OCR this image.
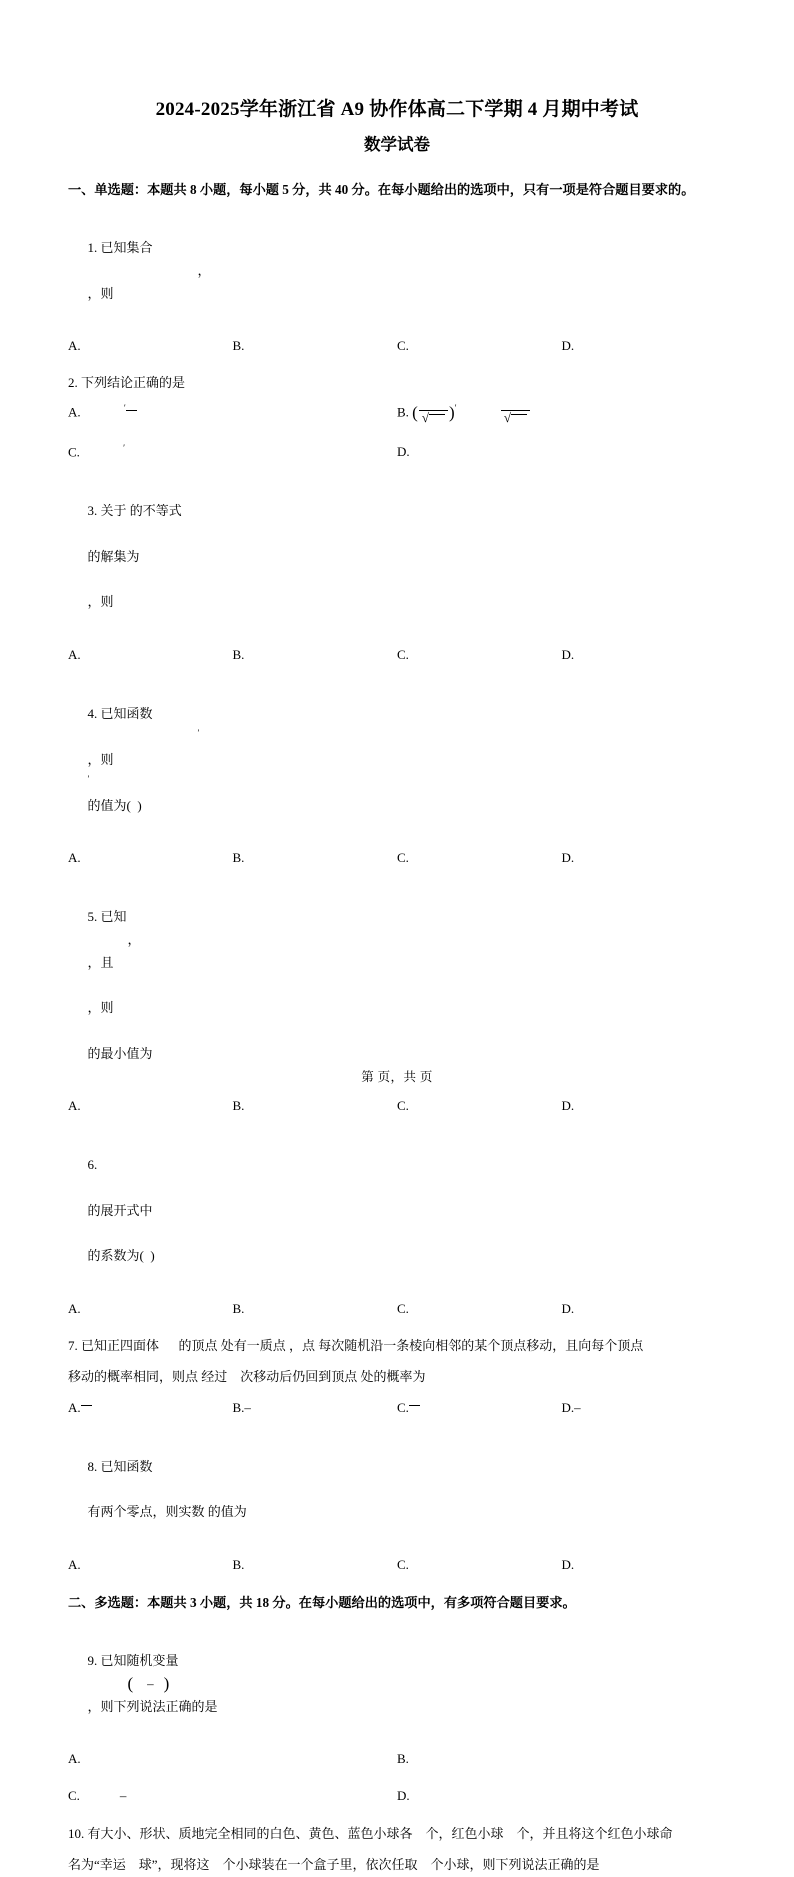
2024-2025学年浙江省 A9 协作体高二下学期 4 月期中考试
数学试卷
一、单选题：本题共 8 小题，每小题 5 分，共 40 分。在每小题给出的选项中，只有一项是符合题目要求的。

1. 已知集合
，
，则

A.	B.	C.	D.
2. 下列结论正确的是
A.	′	B. ( √	)′
√
C.	′	D.

3. 关于 的不等式

的解集为

，则

A.	B.	C.	D.

4. 已知函数
′
，则
′
的值为(  )

A.	B.	C.	D.

5. 已知
，
，且

，则

的最小值为

A.	B.	C.	D.

6.

的展开式中

的系数为(  )

A.	B.	C.	D.
7. 已知正四面体      的顶点 处有一质点 ，点 每次随机沿一条棱向相邻的某个顶点移动，且向每个顶点
移动的概率相同，则点 经过    次移动后仍回到顶点 处的概率为
A.	B.–	C.	D.–

8. 已知函数

有两个零点，则实数 的值为

A.	B.	C.	D.
二、多选题：本题共 3 小题，共 18 分。在每小题给出的选项中，有多项符合题目要求。

9. 已知随机变量
( – )
，则下列说法正确的是

A.	B.
C.	–	D.
10. 有大小、形状、质地完全相同的白色、黄色、蓝色小球各    个，红色小球    个，并且将这个红色小球命
名为“幸运    球”，现将这    个小球装在一个盒子里，依次任取    个小球，则下列说法正确的是
第 页，共 页
